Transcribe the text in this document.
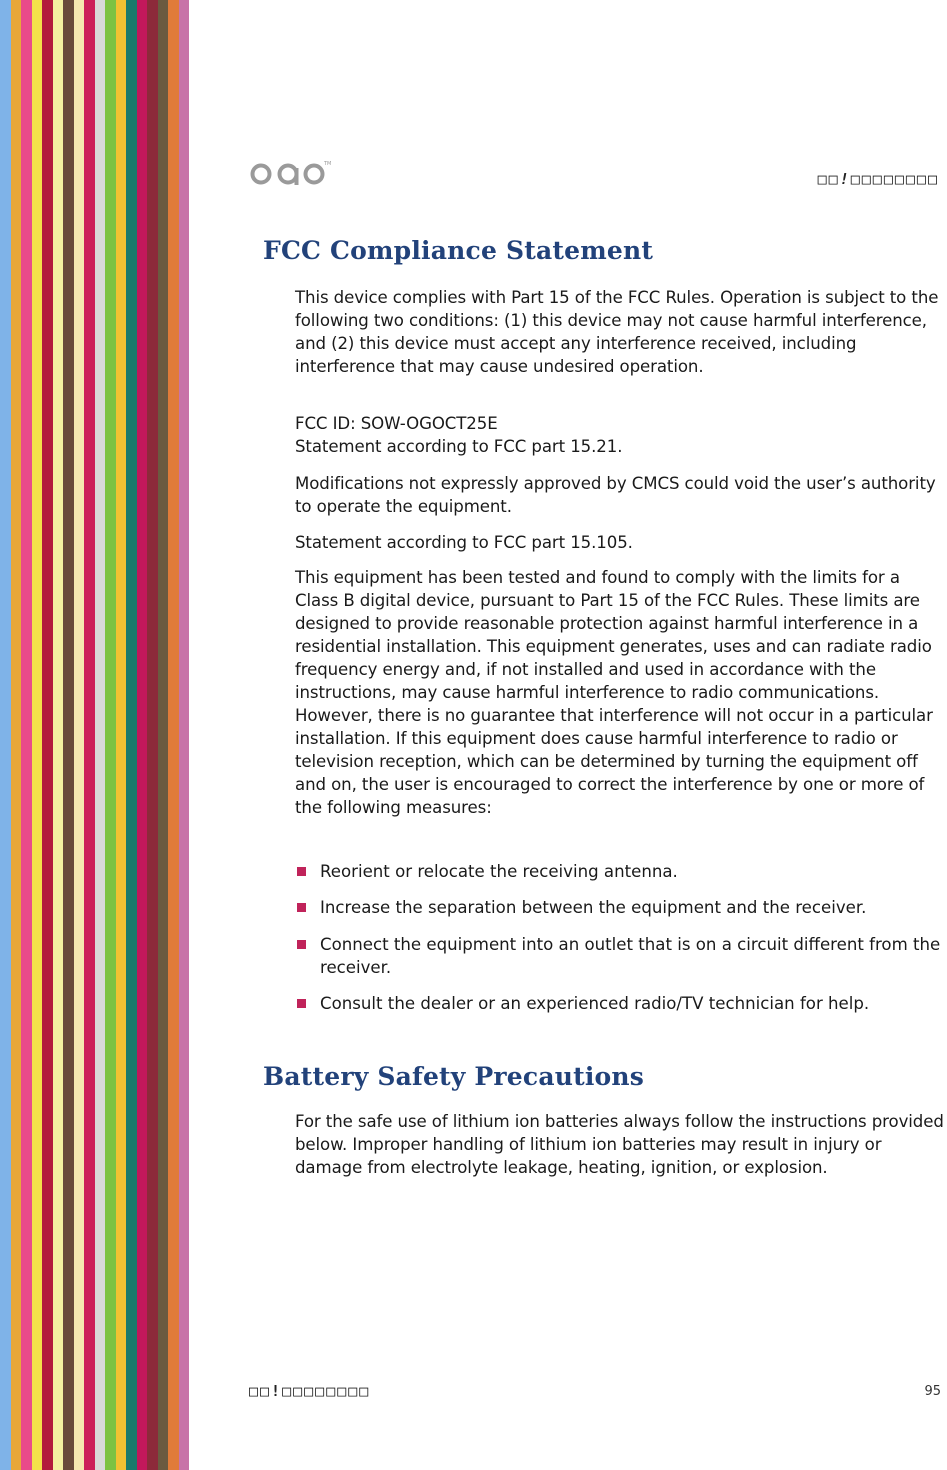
TM
□□!□□□□□□□□
FCC Compliance Statement

This device complies with Part 15 of the FCC Rules. Operation is subject to the following two conditions: (1) this device may not cause harmful interference, and (2) this device must accept any interference received, including interference that may cause undesired operation.

FCC ID: SOW-OGOCT25E

Statement according to FCC part 15.21.

Modifications not expressly approved by CMCS could void the user’s authority to operate the equipment.

Statement according to FCC part 15.105.

This equipment has been tested and found to comply with the limits for a Class B digital device, pursuant to Part 15 of the FCC Rules. These limits are designed to provide reasonable protection against harmful interference in a residential installation. This equipment generates, uses and can radiate radio frequency energy and, if not installed and used in accordance with the instructions, may cause harmful interference to radio communications. However, there is no guarantee that interference will not occur in a particular installation. If this equipment does cause harmful interference to radio or television reception, which can be determined by turning the equipment off and on, the user is encouraged to correct the interference by one or more of the following measures:

Reorient or relocate the receiving antenna.
Increase the separation between the equipment and the receiver.
Connect the equipment into an outlet that is on a circuit different from the receiver.
Consult the dealer or an experienced radio/TV technician for help.
Battery Safety Precautions

For the safe use of lithium ion batteries always follow the instructions provided below. Improper handling of lithium ion batteries may result in injury or damage from electrolyte leakage, heating, ignition, or explosion.

□□!□□□□□□□□	95
